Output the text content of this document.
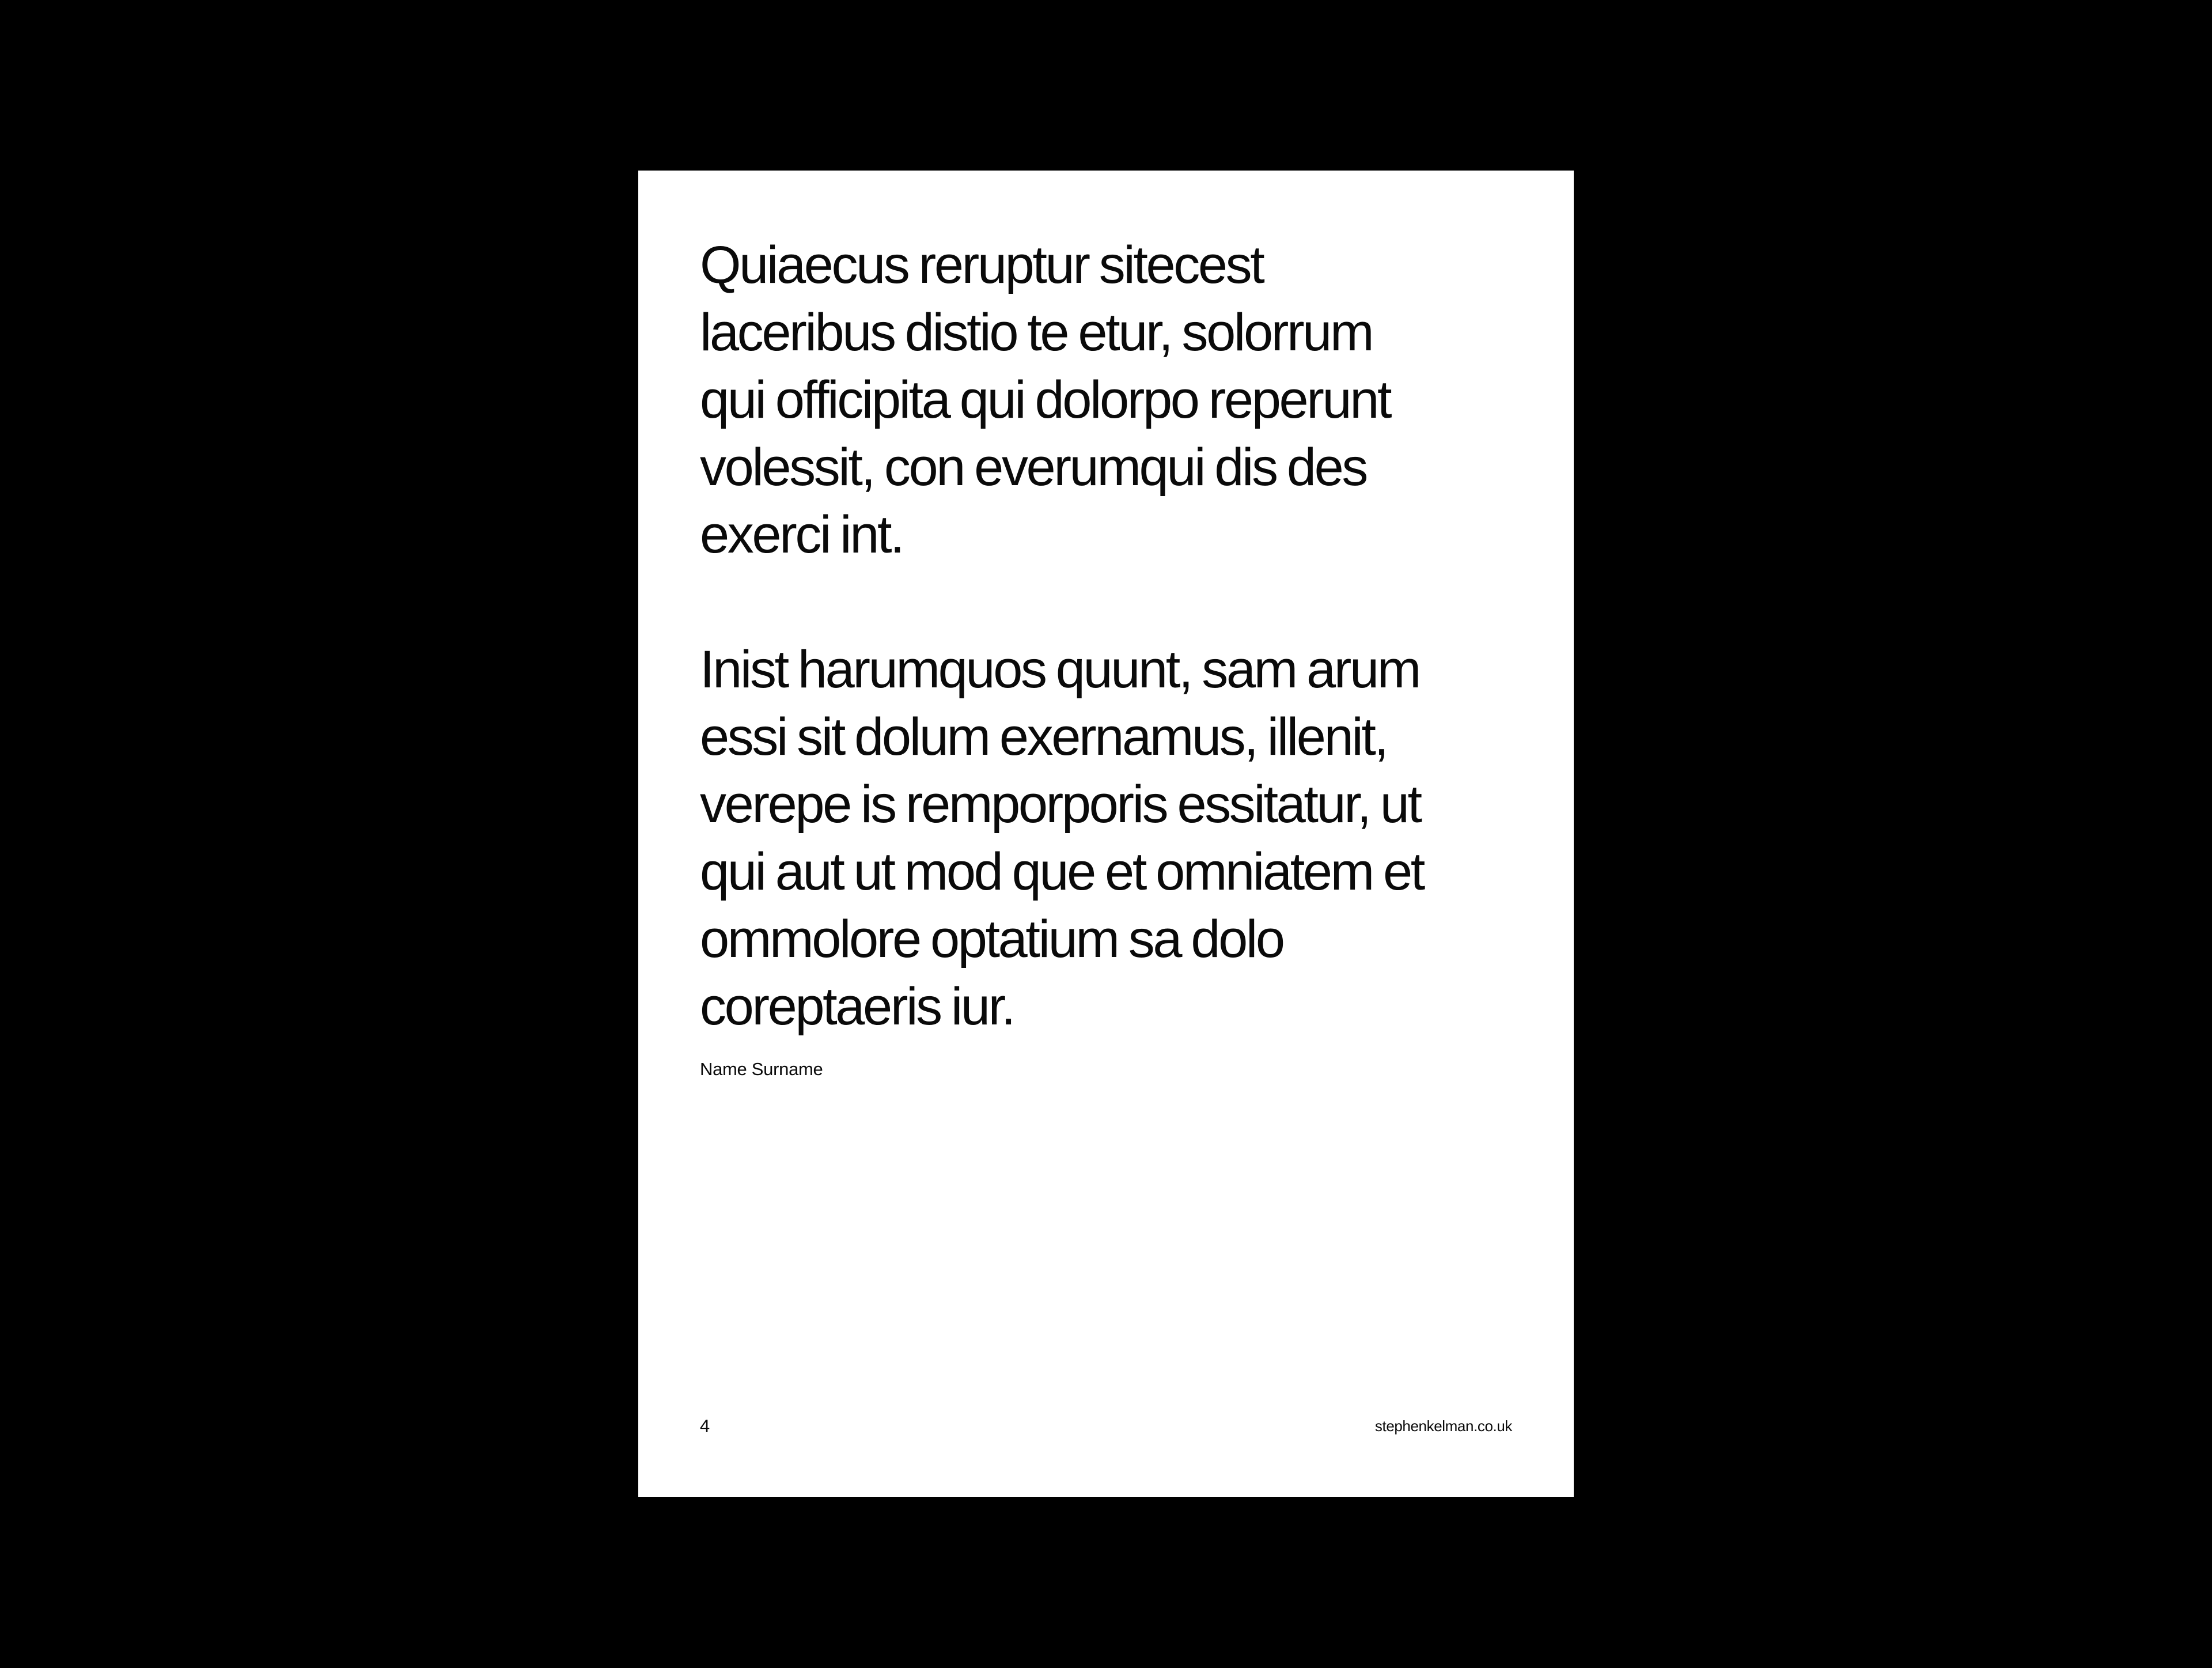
Quiaecus reruptur sitecest
laceribus distio te etur, solorrum
qui officipita qui dolorpo reperunt
volessit, con everumqui dis des
exerci int.

Inist harumquos quunt, sam arum
essi sit dolum exernamus, illenit,
verepe is remporporis essitatur, ut
qui aut ut mod que et omniatem et
ommolore optatium sa dolo
coreptaeris iur.

Name Surname
4	stephenkelman.co.uk
